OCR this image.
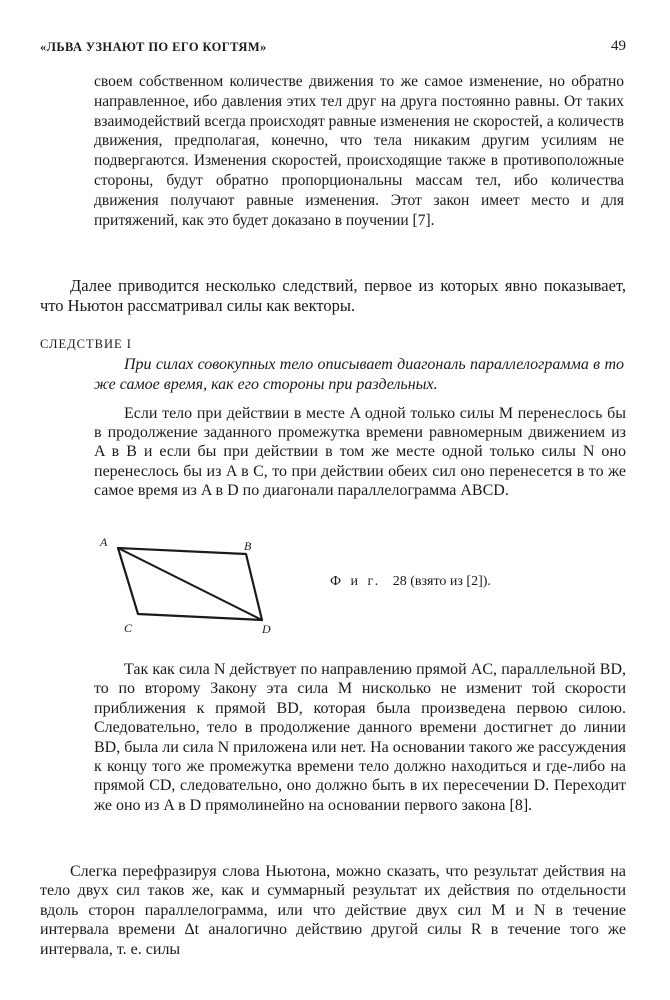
«ЛЬВА УЗНАЮТ ПО ЕГО КОГТЯМ»	49

своем собственном количестве движения то же самое изменение, но обратно направленное, ибо давления этих тел друг на друга постоянно равны. От таких взаимодействий всегда происходят равные изменения не скоростей, а количеств движения, предполагая, конечно, что тела никаким другим усилиям не подвергаются. Изменения скоростей, происходящие также в противоположные стороны, будут обратно пропорциональны массам тел, ибо количества движения получают равные изменения. Этот закон имеет место и для притяжений, как это будет доказано в поучении [7].

Далее приводится несколько следствий, первое из которых явно показывает, что Ньютон рассматривал силы как векторы.

СЛЕДСТВИЕ I

При силах совокупных тело описывает диагональ параллелограмма в то же самое время, как его стороны при раздельных.

Если тело при действии в месте A одной только силы M перенеслось бы в продолжение заданного промежутка времени равномерным движением из A в B и если бы при действии в том же месте одной только силы N оно перенеслось бы из A в C, то при действии обеих сил оно перенесется в то же самое время из A в D по диагонали параллелограмма ABCD.

A	B
C	D
Ф и г. 28 (взято из [2]).

Так как сила N действует по направлению прямой AC, параллельной BD, то по второму Закону эта сила M нисколько не изменит той скорости приближения к прямой BD, которая была произведена первою силою. Следовательно, тело в продолжение данного времени достигнет до линии BD, была ли сила N приложена или нет. На основании такого же рассуждения к концу того же промежутка времени тело должно находиться и где-либо на прямой CD, следовательно, оно должно быть в их пересечении D. Переходит же оно из A в D прямолинейно на основании первого закона [8].

Слегка перефразируя слова Ньютона, можно сказать, что результат действия на тело двух сил таков же, как и суммарный результат их действия по отдельности вдоль сторон параллелограмма, или что действие двух сил M и N в течение интервала времени Δt аналогично действию другой силы R в течение того же интервала, т. е. силы
